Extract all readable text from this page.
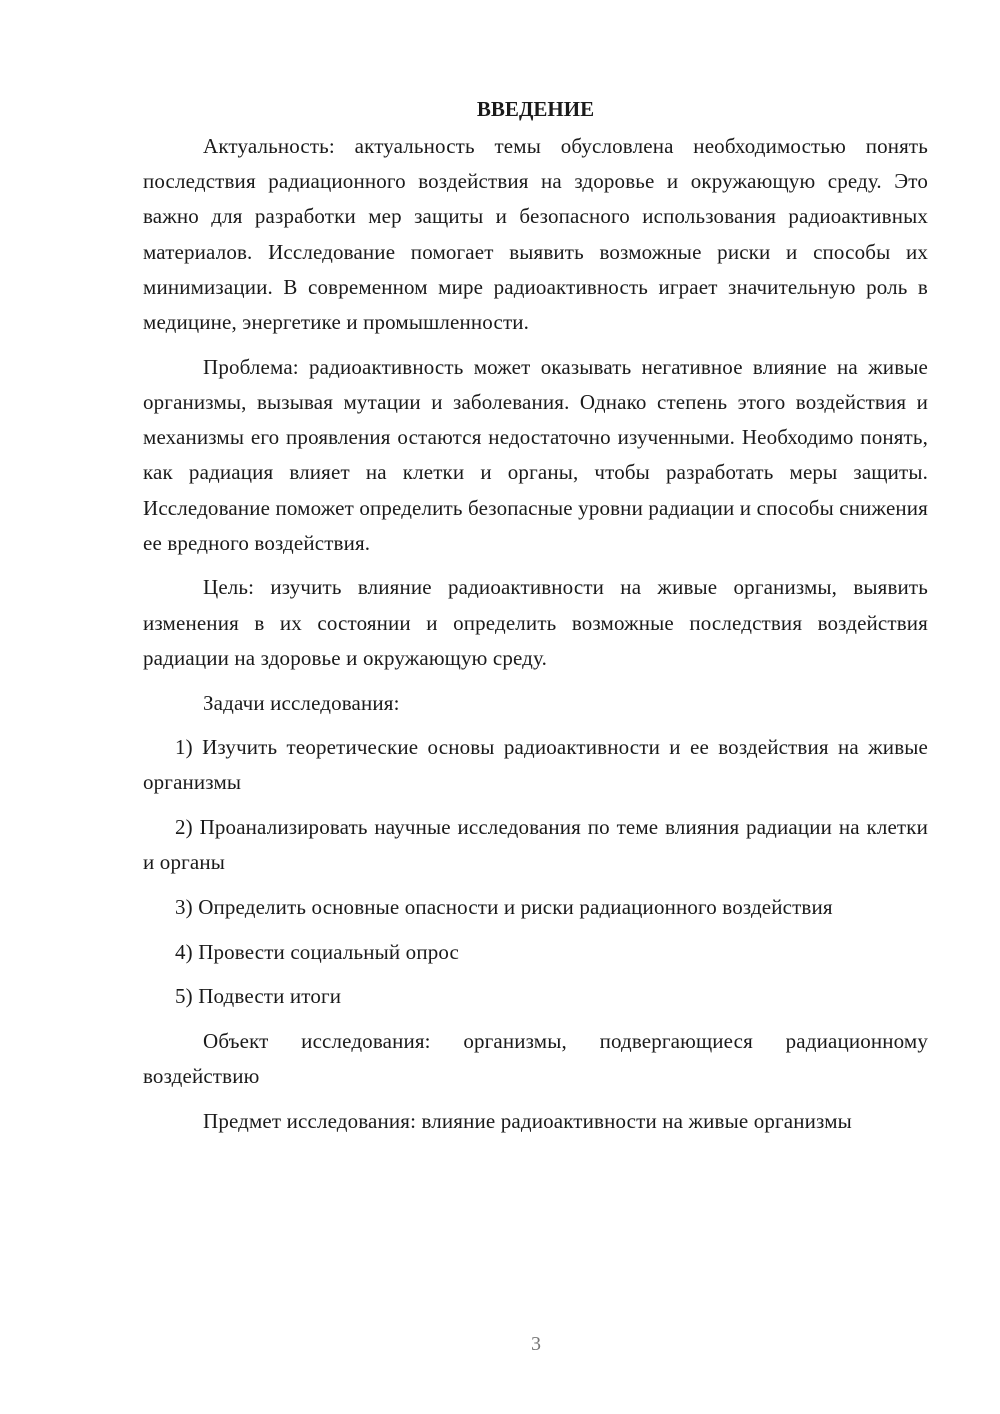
ВВЕДЕНИЕ

Актуальность: актуальность темы обусловлена необходимостью понять последствия радиационного воздействия на здоровье и окружающую среду. Это важно для разработки мер защиты и безопасного использования радиоактивных материалов. Исследование помогает выявить возможные риски и способы их минимизации. В современном мире радиоактивность играет значительную роль в медицине, энергетике и промышленности.

Проблема: радиоактивность может оказывать негативное влияние на живые организмы, вызывая мутации и заболевания. Однако степень этого воздействия и механизмы его проявления остаются недостаточно изученными. Необходимо понять, как радиация влияет на клетки и органы, чтобы разработать меры защиты. Исследование поможет определить безопасные уровни радиации и способы снижения ее вредного воздействия.

Цель: изучить влияние радиоактивности на живые организмы, выявить изменения в их состоянии и определить возможные последствия воздействия радиации на здоровье и окружающую среду.

Задачи исследования:

1) Изучить теоретические основы радиоактивности и ее воздействия на живые организмы

2) Проанализировать научные исследования по теме влияния радиации на клетки и органы

3) Определить основные опасности и риски радиационного воздействия

4) Провести социальный опрос

5) Подвести итоги

Объект исследования: организмы, подвергающиеся радиационному воздействию

Предмет исследования: влияние радиоактивности на живые организмы

3
